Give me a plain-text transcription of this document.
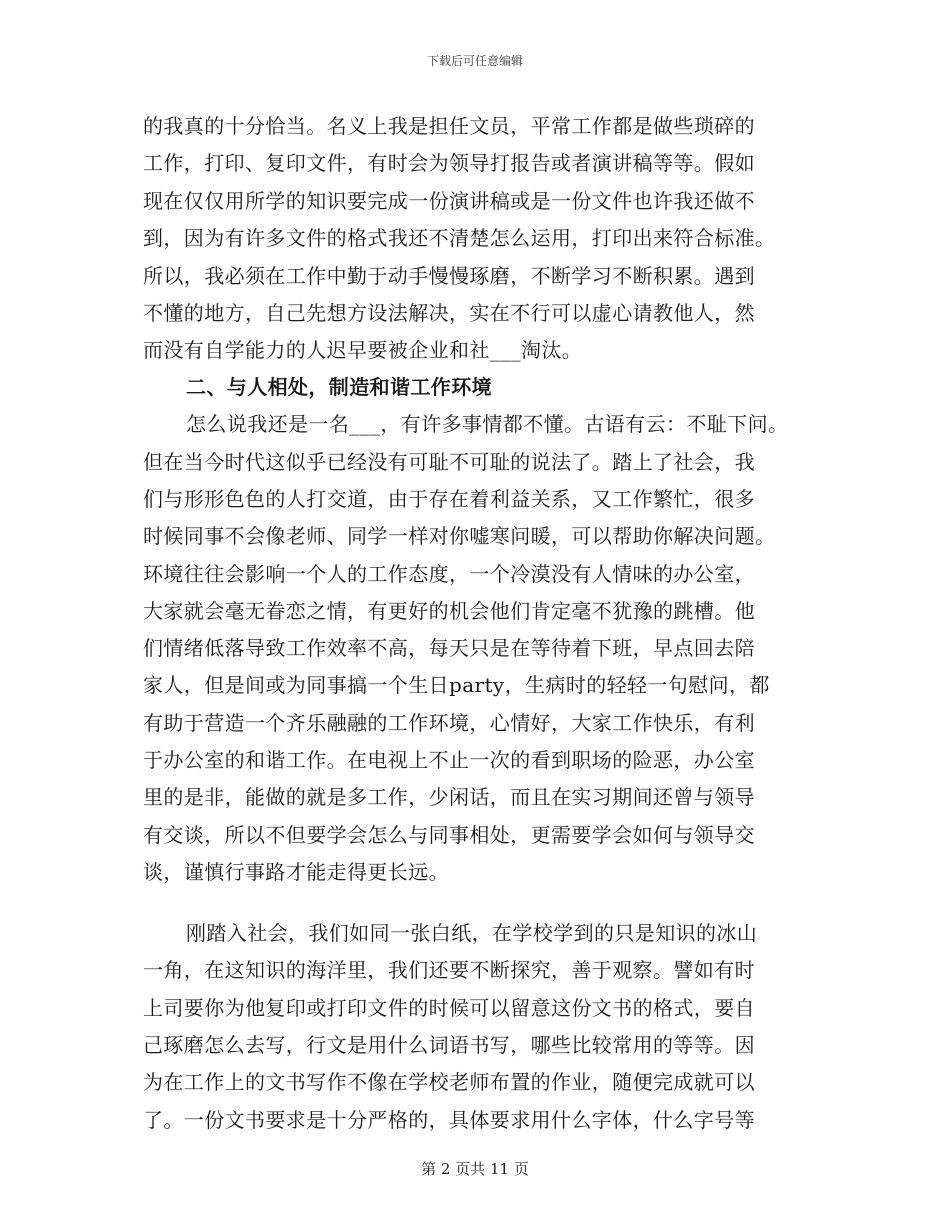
下载后可任意编辑
的我真的十分恰当。名义上我是担任文员，平常工作都是做些琐碎的
工作，打印、复印文件，有时会为领导打报告或者演讲稿等等。假如
现在仅仅用所学的知识要完成一份演讲稿或是一份文件也许我还做不
到，因为有许多文件的格式我还不清楚怎么运用，打印出来符合标准。
所以，我必须在工作中勤于动手慢慢琢磨，不断学习不断积累。遇到
不懂的地方，自己先想方设法解决，实在不行可以虚心请教他人，然
而没有自学能力的人迟早要被企业和社___淘汰。
二、与人相处，制造和谐工作环境
怎么说我还是一名___，有许多事情都不懂。古语有云：不耻下问。
但在当今时代这似乎已经没有可耻不可耻的说法了。踏上了社会，我
们与形形色色的人打交道，由于存在着利益关系，又工作繁忙，很多
时候同事不会像老师、同学一样对你嘘寒问暖，可以帮助你解决问题。
环境往往会影响一个人的工作态度，一个冷漠没有人情味的办公室，
大家就会毫无眷恋之情，有更好的机会他们肯定毫不犹豫的跳槽。他
们情绪低落导致工作效率不高，每天只是在等待着下班，早点回去陪
家人，但是间或为同事搞一个生日party，生病时的轻轻一句慰问，都
有助于营造一个齐乐融融的工作环境，心情好，大家工作快乐，有利
于办公室的和谐工作。在电视上不止一次的看到职场的险恶，办公室
里的是非，能做的就是多工作，少闲话，而且在实习期间还曾与领导
有交谈，所以不但要学会怎么与同事相处，更需要学会如何与领导交
谈，谨慎行事路才能走得更长远。
刚踏入社会，我们如同一张白纸，在学校学到的只是知识的冰山
一角，在这知识的海洋里，我们还要不断探究，善于观察。譬如有时
上司要你为他复印或打印文件的时候可以留意这份文书的格式，要自
己琢磨怎么去写，行文是用什么词语书写，哪些比较常用的等等。因
为在工作上的文书写作不像在学校老师布置的作业，随便完成就可以
了。一份文书要求是十分严格的，具体要求用什么字体，什么字号等
第 2 页共 11 页
